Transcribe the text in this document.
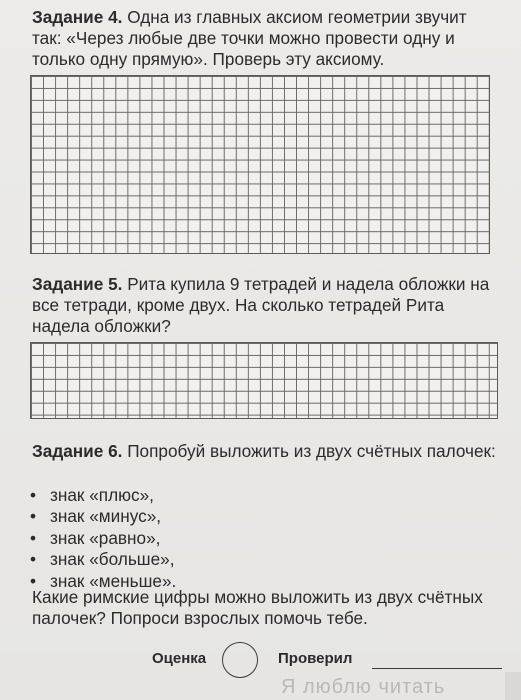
Задание 4. Одна из главных аксиом геометрии звучит так: «Через любые две точки можно провести одну и только одну прямую». Проверь эту аксиому.
Задание 5. Рита купила 9 тетрадей и надела обложки на все тетради, кроме двух. На сколько тетрадей Рита надела обложки?
Задание 6. Попробуй выложить из двух счётных палочек:
• знак «плюс»,
• знак «минус»,
• знак «равно»,
• знак «больше»,
• знак «меньше».
Какие римские цифры можно выложить из двух счётных палочек? Попроси взрослых помочь тебе.
Оценка	Проверил
Я люблю читать
